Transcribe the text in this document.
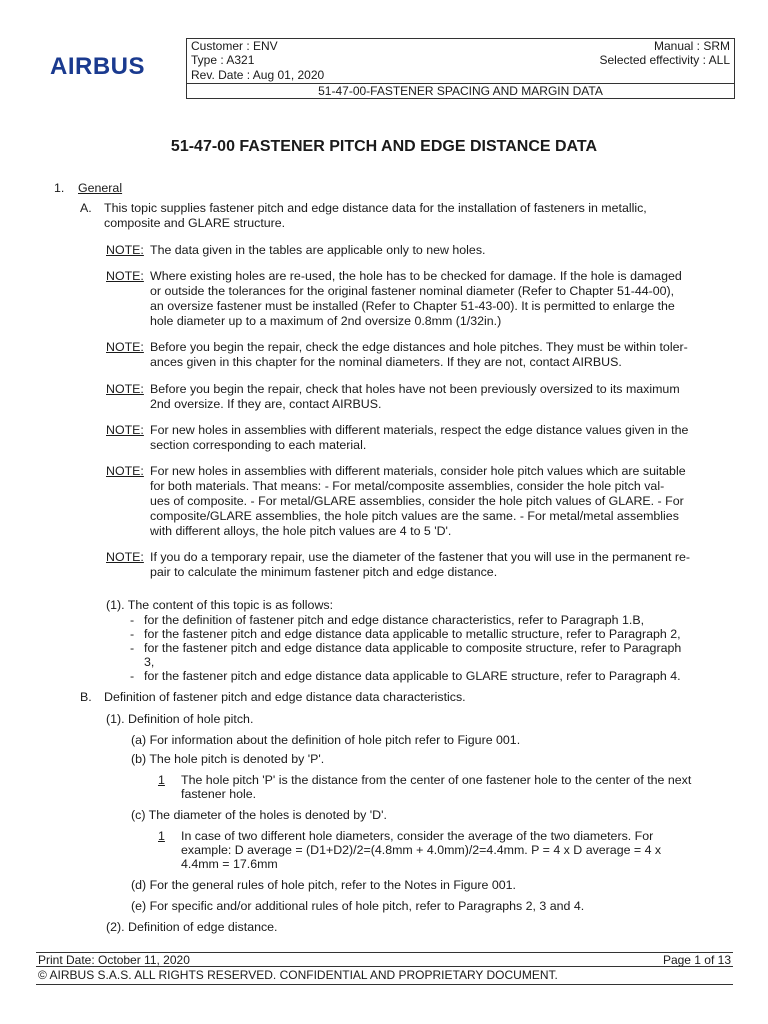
AIRBUS
Customer : ENV	Manual : SRM
Type : A321	Selected effectivity : ALL
Rev. Date : Aug 01, 2020
51-47-00-FASTENER SPACING AND MARGIN DATA
51-47-00 FASTENER PITCH AND EDGE DISTANCE DATA
1. General
A. This topic supplies fastener pitch and edge distance data for the installation of fasteners in metallic,
composite and GLARE structure.
NOTE: The data given in the tables are applicable only to new holes.
NOTE: Where existing holes are re-used, the hole has to be checked for damage. If the hole is damaged
or outside the tolerances for the original fastener nominal diameter (Refer to Chapter 51-44-00),
an oversize fastener must be installed (Refer to Chapter 51-43-00). It is permitted to enlarge the
hole diameter up to a maximum of 2nd oversize 0.8mm (1/32in.)
NOTE: Before you begin the repair, check the edge distances and hole pitches. They must be within toler-
ances given in this chapter for the nominal diameters. If they are not, contact AIRBUS.
NOTE: Before you begin the repair, check that holes have not been previously oversized to its maximum
2nd oversize. If they are, contact AIRBUS.
NOTE: For new holes in assemblies with different materials, respect the edge distance values given in the
section corresponding to each material.
NOTE: For new holes in assemblies with different materials, consider hole pitch values which are suitable
for both materials. That means: - For metal/composite assemblies, consider the hole pitch val-
ues of composite. - For metal/GLARE assemblies, consider the hole pitch values of GLARE. - For
composite/GLARE assemblies, the hole pitch values are the same. - For metal/metal assemblies
with different alloys, the hole pitch values are 4 to 5 'D'.
NOTE: If you do a temporary repair, use the diameter of the fastener that you will use in the permanent re-
pair to calculate the minimum fastener pitch and edge distance.
(1). The content of this topic is as follows:
- for the definition of fastener pitch and edge distance characteristics, refer to Paragraph 1.B,
- for the fastener pitch and edge distance data applicable to metallic structure, refer to Paragraph 2,
- for the fastener pitch and edge distance data applicable to composite structure, refer to Paragraph
3,
- for the fastener pitch and edge distance data applicable to GLARE structure, refer to Paragraph 4.
B. Definition of fastener pitch and edge distance data characteristics.
(1). Definition of hole pitch.
(a) For information about the definition of hole pitch refer to Figure 001.
(b) The hole pitch is denoted by 'P'.
1 The hole pitch 'P' is the distance from the center of one fastener hole to the center of the next
fastener hole.
(c) The diameter of the holes is denoted by 'D'.
1 In case of two different hole diameters, consider the average of the two diameters. For
example: D average = (D1+D2)/2=(4.8mm + 4.0mm)/2=4.4mm. P = 4 x D average = 4 x
4.4mm = 17.6mm
(d) For the general rules of hole pitch, refer to the Notes in Figure 001.
(e) For specific and/or additional rules of hole pitch, refer to Paragraphs 2, 3 and 4.
(2). Definition of edge distance.
Print Date: October 11, 2020	Page 1 of 13
© AIRBUS S.A.S. ALL RIGHTS RESERVED. CONFIDENTIAL AND PROPRIETARY DOCUMENT.
